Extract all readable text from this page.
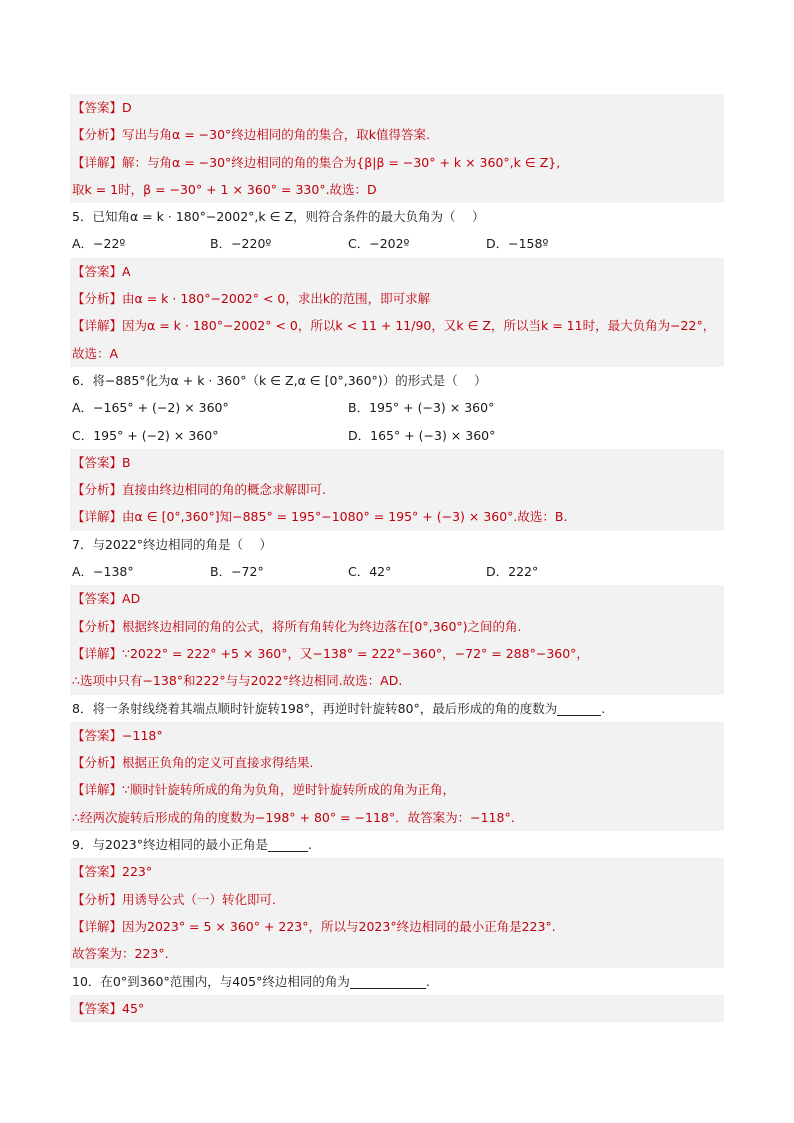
【答案】D
【分析】写出与角α = −30°终边相同的角的集合，取k值得答案.
【详解】解：与角α = −30°终边相同的角的集合为{β|β = −30° + k × 360°,k ∈ Z},
取k = 1时，β = −30° + 1 × 360° = 330°.故选：D
5．已知角α = k · 180°−2002°,k ∈ Z，则符合条件的最大负角为（　 ）
A．−22º	B．−220º	C．−202º	D．−158º
【答案】A
【分析】由α = k · 180°−2002° < 0，求出k的范围，即可求解
【详解】因为α = k · 180°−2002° < 0，所以k < 11 + 11/90，又k ∈ Z，所以当k = 11时，最大负角为−22°，
故选：A
6．将−885°化为α + k · 360°（k ∈ Z,α ∈ [0°,360°)）的形式是（　 ）
A．−165° + (−2) × 360°	B．195° + (−3) × 360°
C．195° + (−2) × 360°	D．165° + (−3) × 360°
【答案】B
【分析】直接由终边相同的角的概念求解即可.
【详解】由α ∈ [0°,360°]知−885° = 195°−1080° = 195° + (−3) × 360°.故选：B.
7．与2022°终边相同的角是（　 ）
A．−138°	B．−72°	C．42°	D．222°
【答案】AD
【分析】根据终边相同的角的公式，将所有角转化为终边落在[0°,360°)之间的角.
【详解】∵2022° = 222° +5 × 360°，又−138° = 222°−360°，−72° = 288°−360°，
∴选项中只有−138°和222°与与2022°终边相同.故选：AD.
8．将一条射线绕着其端点顺时针旋转198°，再逆时针旋转80°，最后形成的角的度数为	.
【答案】−118°
【分析】根据正负角的定义可直接求得结果.
【详解】∵顺时针旋转所成的角为负角，逆时针旋转所成的角为正角，
∴经两次旋转后形成的角的度数为−198° + 80° = −118°．故答案为：−118°.
9．与2023°终边相同的最小正角是	.
【答案】223°
【分析】用诱导公式（一）转化即可.
【详解】因为2023° = 5 × 360° + 223°，所以与2023°终边相同的最小正角是223°.
故答案为：223°.
10．在0°到360°范围内，与405°终边相同的角为	.
【答案】45°
